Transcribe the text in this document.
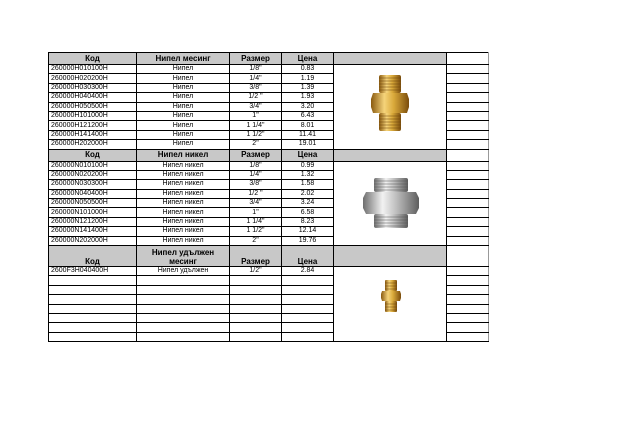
Код	Нипел месинг	Размер	Цена		
260000H010100H	Нипел	1/8"	0.83	

260000H020200H	Нипел	1/4"	1.19		
260000H030300H	Нипел	3/8"	1.39		
260000H040400H	Нипел	1/2 "	1.93		
260000H050500H	Нипел	3/4"	3.20		
260000H101000H	Нипел	1"	6.43		
260000H121200H	Нипел	1 1/4"	8.01		
260000H141400H	Нипел	1 1/2"	11.41		
260000H202000H	Нипел	2"	19.01		
Код	Нипел никел	Размер	Цена		
260000N010100H	Нипел никел	1/8"	0.99	

260000N020200H	Нипел никел	1/4"	1.32		
260000N030300H	Нипел никел	3/8"	1.58		
260000N040400H	Нипел никел	1/2 "	2.02		
260000N050500H	Нипел никел	3/4"	3.24		
260000N101000H	Нипел никел	1"	6.58		
260000N121200H	Нипел никел	1 1/4"	8.23		
260000N141400H	Нипел никел	1 1/2"	12.14		
260000N202000H	Нипел никел	2"	19.76		
Код	Нипел удължен месинг	Размер	Цена		
2600F3H040400H	Нипел удължен	1/2"	2.84	
